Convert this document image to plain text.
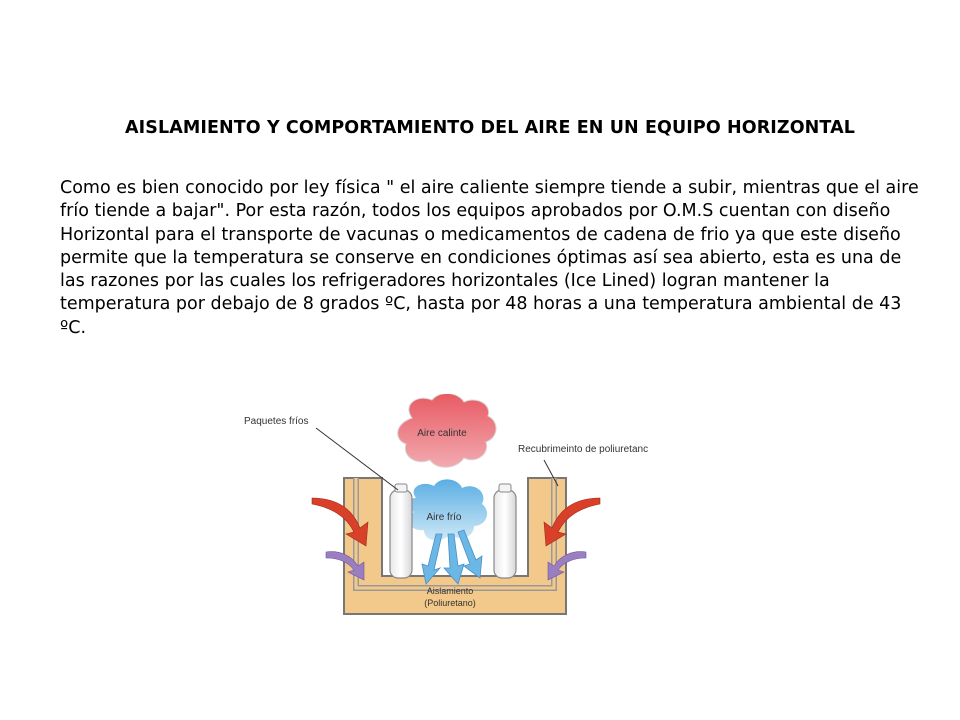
AISLAMIENTO Y COMPORTAMIENTO DEL AIRE EN UN EQUIPO HORIZONTAL

Como es bien conocido por ley física " el aire caliente siempre tiende a subir, mientras que el aire frío tiende a bajar". Por esta razón, todos los equipos aprobados por O.M.S cuentan con diseño Horizontal para el transporte de vacunas o medicamentos de cadena de frio ya que este diseño permite que la temperatura se conserve en condiciones óptimas así sea abierto, esta es una de las razones por las cuales los refrigeradores horizontales (Ice Lined) logran mantener la temperatura por debajo de 8 grados ºC, hasta por 48 horas a una temperatura ambiental de 43 ºC.

Aire calinte
Aire frío
Paquetes fríos
Recubrimeinto de poliuretanc
Aislamiento
(Poliuretano)
